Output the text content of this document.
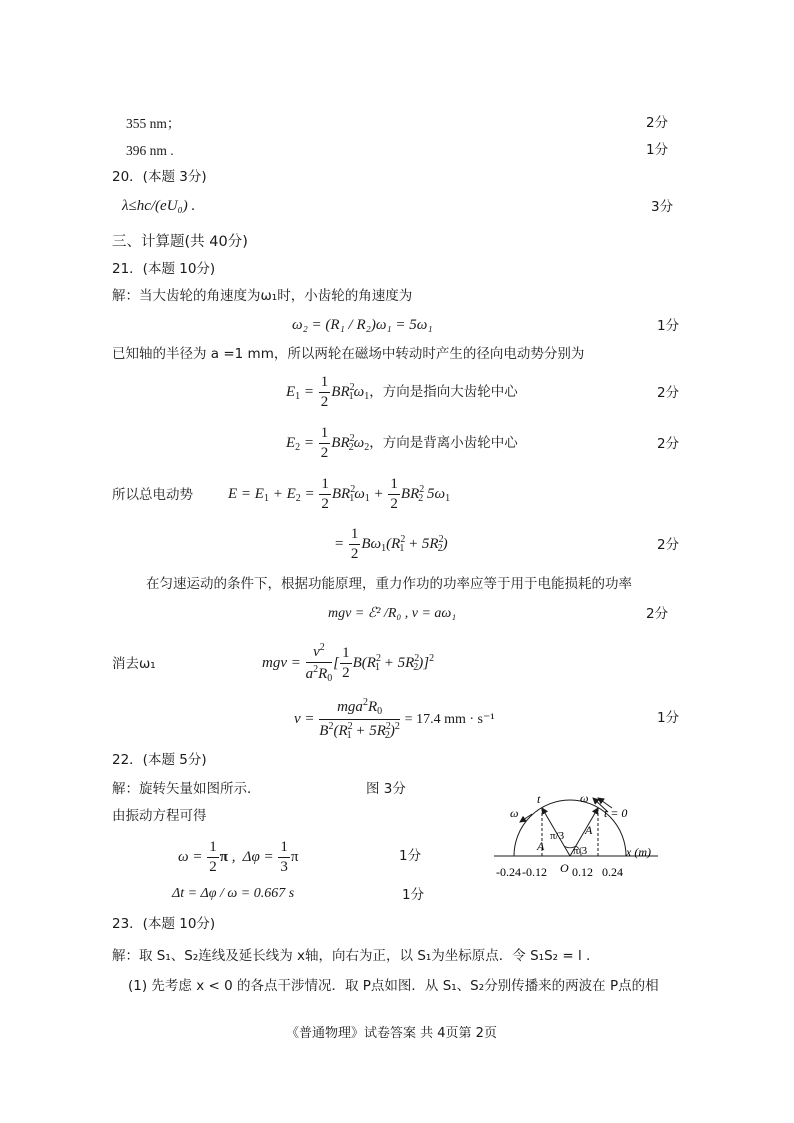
355 nm；	2分
396 nm .	1分
20．(本题 3分)
λ≤hc/(eU₀) .	3分
三、计算题(共 40分)
21．(本题 10分)
解：当大齿轮的角速度为ω₁时，小齿轮的角速度为
ω₂ = (R₁ / R₂)ω₁ = 5ω₁	1分
已知轴的半径为 a =1 mm，所以两轮在磁场中转动时产生的径向电动势分别为
$E_1 = \frac{1}{2} BR^2_1\omega_1$，方向是指向大齿轮中心	2分
$E_2 = \frac{1}{2} BR^2_2\omega_2$，方向是背离小齿轮中心	2分
所以总电动势 $E = E_1 + E_2 = \frac{1}{2} BR^2_1\omega_1 + \frac{1}{2} BR^2_2$ $5\omega_1$
= $\frac{1}{2} B\omega_1(R^2_1 + 5R^2_2)$	2分
在匀速运动的条件下，根据功能原理，重力作功的功率应等于用于电能损耗的功率
mgv = ℰ² /R₀ , v = aω₁	2分
消去ω₁	mgv = $\frac{v^2}{a^2R_0}$ [ $\frac{1}{2} B(R^2_1 + 5R^2_2)]^2$
$v = \frac{mga^2R_0}{B^2(R^2_1 + 5R^2_2)^2} = 17.4$ mm · s⁻¹	1分
22．(本题 5分)
解：旋转矢量如图所示．	图 3分
由振动方程可得
$\omega = \frac{1}{2}$ π ,  $\Delta\varphi = \frac{1}{3}$ π	1分
Δt = Δφ / ω = 0.667 s	1分
t	ω
t = 0
ω
π/3
π/3
A
A
O
x (m)
-0.24 -0.12 0.12 0.24
23．(本题 10分)
解：取 S₁、S₂连线及延长线为 x轴，向右为正，以 S₁为坐标原点．令 S₁S₂ = l .
(1) 先考虑 x < 0 的各点干涉情况．取 P点如图．从 S₁、S₂分别传播来的两波在 P点的相
《普通物理》试卷答案 共 4页第 2页
